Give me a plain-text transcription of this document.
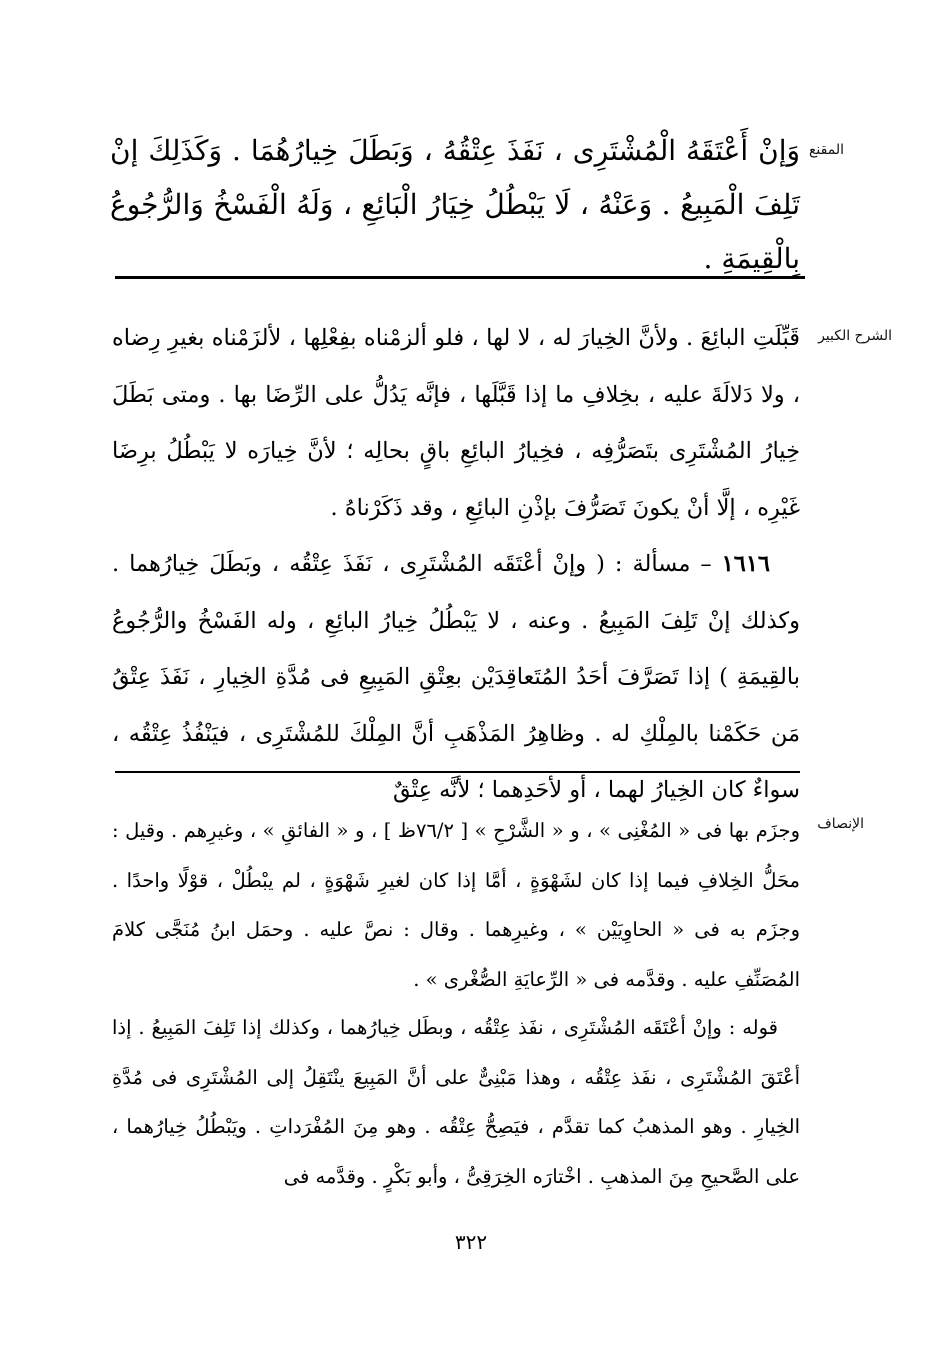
المقنع

وَإنْ أَعْتَقَهُ الْمُشْتَرِى ، نَفَذَ عِتْقُهُ ، وَبَطَلَ خِيارُهُمَا . وَكَذَلِكَ إنْ تَلِفَ الْمَبِيعُ . وَعَنْهُ ، لَا يَبْطُلُ خِيَارُ الْبَائِعِ ، وَلَهُ الْفَسْخُ وَالرُّجُوعُ بِالْقِيمَةِ .

الشرح الكبير

قَبِّلَتِ البائِعَ . ولأنَّ الخِيارَ له ، لا لها ، فلو ألزمْناه بفِعْلِها ، لألزَمْناه بغيرِ رِضاه ، ولا دَلالَةَ عليه ، بخِلافِ ما إذا قَبَّلَها ، فإنَّه يَدُلُّ على الرِّضَا بها . ومتى بَطَلَ خِيارُ المُشْتَرِى بتَصَرُّفِه ، فخِيارُ البائِعِ باقٍ بحالِه ؛ لأنَّ خِيارَه لا يَبْطُلُ برِضَا غَيْرِه ، إلَّا أنْ يكونَ تَصَرُّفَ بإذْنِ البائِعِ ، وقد ذَكَرْناهُ .

١٦١٦ – مسألة : ( وإنْ أعْتَقَه المُشْتَرِى ، نَفَذَ عِتْقُه ، وبَطَلَ خِيارُهما . وكذلك إنْ تَلِفَ المَبِيعُ . وعنه ، لا يَبْطُلُ خِيارُ البائِعِ ، وله الفَسْخُ والرُّجُوعُ بالقِيمَةِ ) إذا تَصَرَّفَ أحَدُ المُتَعاقِدَيْن بعِتْقِ المَبِيعِ فى مُدَّةِ الخِيارِ ، نَفَذَ عِتْقُ مَن حَكَمْنا بالمِلْكِ له . وظاهِرُ المَذْهَبِ أنَّ المِلْكَ للمُشْتَرِى ، فيَنْفُذُ عِتْقُه ، سواءٌ كان الخِيارُ لهما ، أو لأحَدِهما ؛ لأنَّه عِتْقٌ

الإنصاف

وجزَم بها فى « المُغْنِى » ، و « الشَّرْحِ » [ ٧٦/٢ظ ] ، و « الفائقِ » ، وغيرِهم . وقيل : محَلُّ الخِلافِ فيما إذا كان لشَهْوَةٍ ، أمَّا إذا كان لغيرِ شَهْوَةٍ ، لم يبْطُلْ ، قوْلًا واحدًا . وجزَم به فى « الحاوِيَيْن » ، وغيرِهما . وقال : نصَّ عليه . وحمَل ابنُ مُنَجَّى كلامَ المُصَنِّفِ عليه . وقدَّمه فى « الرِّعايَةِ الصُّغْرى » .

قوله : وإنْ أعْتَقَه المُشْتَرِى ، نفَذ عِتْقُه ، وبطَل خِيارُهما ، وكذلك إذا تَلِفَ المَبِيعُ . إذا أعْتَقَ المُشْتَرِى ، نفَذ عِتْقُه ، وهذا مَبْنِىٌّ على أنَّ المَبِيعَ ينْتَقِلُ إلى المُشْتَرِى فى مُدَّةِ الخِيارِ . وهو المذهبُ كما تقدَّم ، فيَصِحُّ عِتْقُه . وهو مِنَ المُفْرَداتِ . ويَبْطُلُ خِيارُهما ، على الصَّحيحِ مِنَ المذهبِ . اخْتارَه الخِرَقِىُّ ، وأبو بَكْرٍ . وقدَّمه فى

٣٢٢
